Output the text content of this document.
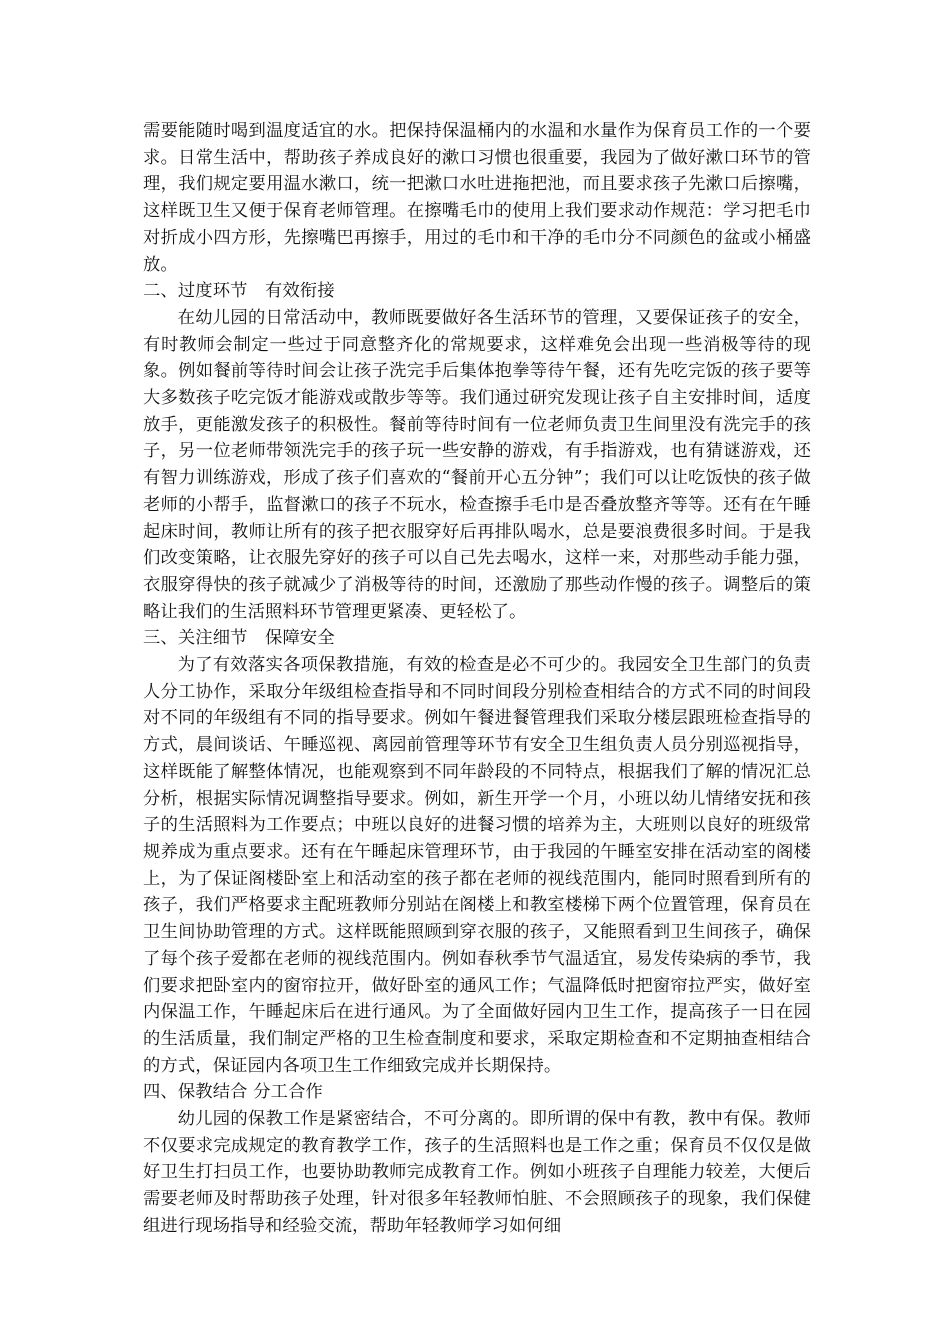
需要能随时喝到温度适宜的水。把保持保温桶内的水温和水量作为保育员工作的一个要求。日常生活中，帮助孩子养成良好的漱口习惯也很重要，我园为了做好漱口环节的管理，我们规定要用温水漱口，统一把漱口水吐进拖把池，而且要求孩子先漱口后擦嘴，这样既卫生又便于保育老师管理。在擦嘴毛巾的使用上我们要求动作规范：学习把毛巾对折成小四方形，先擦嘴巴再擦手，用过的毛巾和干净的毛巾分不同颜色的盆或小桶盛放。

二、过度环节　有效衔接

在幼儿园的日常活动中，教师既要做好各生活环节的管理，又要保证孩子的安全，有时教师会制定一些过于同意整齐化的常规要求，这样难免会出现一些消极等待的现象。例如餐前等待时间会让孩子洗完手后集体抱拳等待午餐，还有先吃完饭的孩子要等大多数孩子吃完饭才能游戏或散步等等。我们通过研究发现让孩子自主安排时间，适度放手，更能激发孩子的积极性。餐前等待时间有一位老师负责卫生间里没有洗完手的孩子，另一位老师带领洗完手的孩子玩一些安静的游戏，有手指游戏，也有猜谜游戏，还有智力训练游戏，形成了孩子们喜欢的“餐前开心五分钟”；我们可以让吃饭快的孩子做老师的小帮手，监督漱口的孩子不玩水，检查擦手毛巾是否叠放整齐等等。还有在午睡起床时间，教师让所有的孩子把衣服穿好后再排队喝水，总是要浪费很多时间。于是我们改变策略，让衣服先穿好的孩子可以自己先去喝水，这样一来，对那些动手能力强，衣服穿得快的孩子就减少了消极等待的时间，还激励了那些动作慢的孩子。调整后的策略让我们的生活照料环节管理更紧凑、更轻松了。

三、关注细节　保障安全

为了有效落实各项保教措施，有效的检查是必不可少的。我园安全卫生部门的负责人分工协作，采取分年级组检查指导和不同时间段分别检查相结合的方式不同的时间段对不同的年级组有不同的指导要求。例如午餐进餐管理我们采取分楼层跟班检查指导的方式，晨间谈话、午睡巡视、离园前管理等环节有安全卫生组负责人员分别巡视指导，这样既能了解整体情况，也能观察到不同年龄段的不同特点，根据我们了解的情况汇总分析，根据实际情况调整指导要求。例如，新生开学一个月，小班以幼儿情绪安抚和孩子的生活照料为工作要点；中班以良好的进餐习惯的培养为主，大班则以良好的班级常规养成为重点要求。还有在午睡起床管理环节，由于我园的午睡室安排在活动室的阁楼上，为了保证阁楼卧室上和活动室的孩子都在老师的视线范围内，能同时照看到所有的孩子，我们严格要求主配班教师分别站在阁楼上和教室楼梯下两个位置管理，保育员在卫生间协助管理的方式。这样既能照顾到穿衣服的孩子，又能照看到卫生间孩子，确保了每个孩子爱都在老师的视线范围内。例如春秋季节气温适宜，易发传染病的季节，我们要求把卧室内的窗帘拉开，做好卧室的通风工作；气温降低时把窗帘拉严实，做好室内保温工作，午睡起床后在进行通风。为了全面做好园内卫生工作，提高孩子一日在园的生活质量，我们制定严格的卫生检查制度和要求，采取定期检查和不定期抽查相结合的方式，保证园内各项卫生工作细致完成并长期保持。

四、保教结合 分工合作

幼儿园的保教工作是紧密结合，不可分离的。即所谓的保中有教，教中有保。教师不仅要求完成规定的教育教学工作，孩子的生活照料也是工作之重；保育员不仅仅是做好卫生打扫员工作，也要协助教师完成教育工作。例如小班孩子自理能力较差，大便后需要老师及时帮助孩子处理，针对很多年轻教师怕脏、不会照顾孩子的现象，我们保健组进行现场指导和经验交流，帮助年轻教师学习如何细
